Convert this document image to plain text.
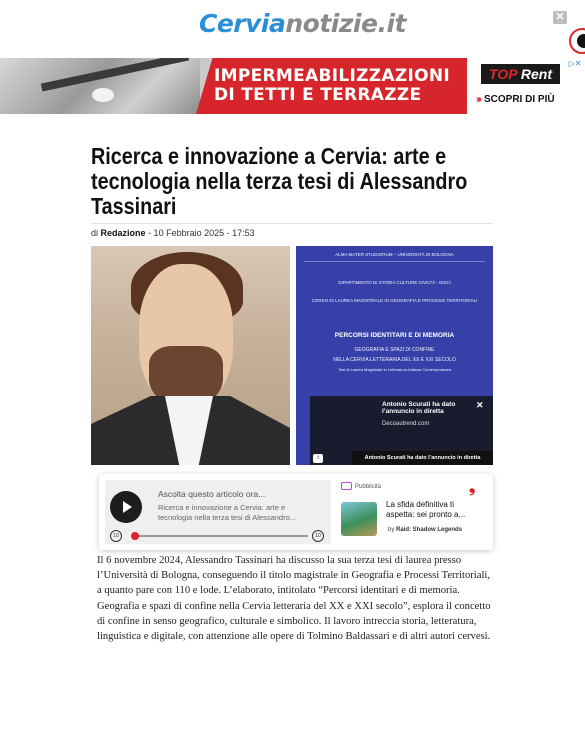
Cervianotizie.it	✕
IMPERMEABILIZZAZIONI
DI TETTI E TERRAZZE
TOP Rent
▷✕
››› SCOPRI DI PIÙ
Ricerca e innovazione a Cervia: arte e tecnologia nella terza tesi di Alessandro Tassinari
di Redazione - 10 Febbraio 2025 - 17:53
ALMA MATER STUDIORUM – UNIVERSITÀ DI BOLOGNA
DIPARTIMENTO DI STORIA CULTURE CIVILTÀ - DiSCi
CORSO DI LAUREA MAGISTRALE IN GEOGRAFIA E PROCESSI TERRITORIALI
PERCORSI IDENTITARI E DI MEMORIA
GEOGRAFIA E SPAZI DI CONFINE
NELLA CERVIA LETTERARIA DEL XX E XXI SECOLO
Tesi di Laurea Magistrale in Letteratura Italiana Contemporanea
Antonio Scurati ha dato l’annuncio in diretta
✕
Decoautrend.com
i	Antonio Scurati ha dato l’annuncio in diretta
Ascolta questo articolo ora...
Ricerca e innovazione a Cervia: arte e tecnologia nella terza tesi di Alessandro...
10	10
Pubblicità	❟
La sfida definitiva ti aspetta: sei pronto a...
by Raid: Shadow Legends

Il 6 novembre 2024, Alessandro Tassinari ha discusso la sua terza tesi di laurea presso l’Università di Bologna, conseguendo il titolo magistrale in Geografia e Processi Territoriali, a quanto pare con 110 e lode. L’elaborato, intitolato “Percorsi identitari e di memoria. Geografia e spazi di confine nella Cervia letteraria del XX e XXI secolo”, esplora il concetto di confine in senso geografico, culturale e simbolico. Il lavoro intreccia storia, letteratura, linguistica e digitale, con attenzione alle opere di Tolmino Baldassari e di altri autori cervesi.
